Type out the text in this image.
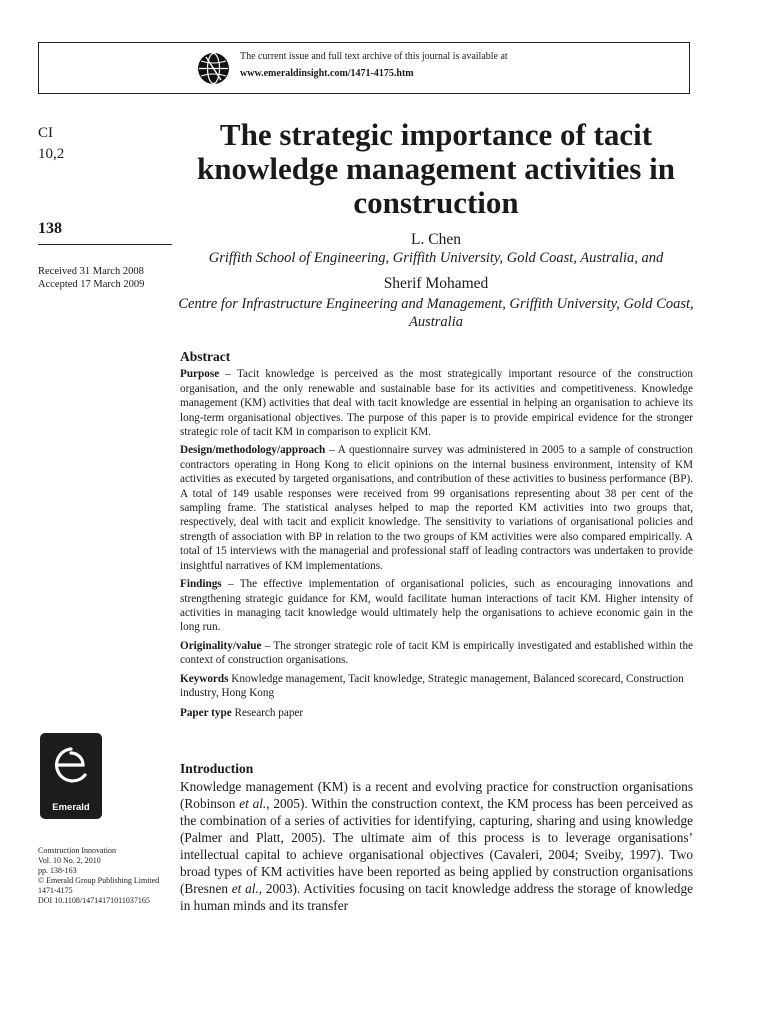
The current issue and full text archive of this journal is available at
www.emeraldinsight.com/1471-4175.htm
CI
10,2
138
Received 31 March 2008
Accepted 17 March 2009
The strategic importance of tacit knowledge management activities in construction
L. Chen
Griffith School of Engineering, Griffith University, Gold Coast, Australia, and
Sherif Mohamed
Centre for Infrastructure Engineering and Management, Griffith University, Gold Coast, Australia
Abstract

Purpose – Tacit knowledge is perceived as the most strategically important resource of the construction organisation, and the only renewable and sustainable base for its activities and competitiveness. Knowledge management (KM) activities that deal with tacit knowledge are essential in helping an organisation to achieve its long-term organisational objectives. The purpose of this paper is to provide empirical evidence for the stronger strategic role of tacit KM in comparison to explicit KM.

Design/methodology/approach – A questionnaire survey was administered in 2005 to a sample of construction contractors operating in Hong Kong to elicit opinions on the internal business environment, intensity of KM activities as executed by targeted organisations, and contribution of these activities to business performance (BP). A total of 149 usable responses were received from 99 organisations representing about 38 per cent of the sampling frame. The statistical analyses helped to map the reported KM activities into two groups that, respectively, deal with tacit and explicit knowledge. The sensitivity to variations of organisational policies and strength of association with BP in relation to the two groups of KM activities were also compared empirically. A total of 15 interviews with the managerial and professional staff of leading contractors was undertaken to provide insightful narratives of KM implementations.

Findings – The effective implementation of organisational policies, such as encouraging innovations and strengthening strategic guidance for KM, would facilitate human interactions of tacit KM. Higher intensity of activities in managing tacit knowledge would ultimately help the organisations to achieve economic gain in the long run.

Originality/value – The stronger strategic role of tacit KM is empirically investigated and established within the context of construction organisations.

Keywords Knowledge management, Tacit knowledge, Strategic management, Balanced scorecard, Construction industry, Hong Kong

Paper type Research paper

Emerald
Construction Innovation
Vol. 10 No. 2, 2010
pp. 138-163
© Emerald Group Publishing Limited
1471-4175
DOI 10.1108/14714171011037165
Introduction

Knowledge management (KM) is a recent and evolving practice for construction organisations (Robinson et al., 2005). Within the construction context, the KM process has been perceived as the combination of a series of activities for identifying, capturing, sharing and using knowledge (Palmer and Platt, 2005). The ultimate aim of this process is to leverage organisations’ intellectual capital to achieve organisational objectives (Cavaleri, 2004; Sveiby, 1997). Two broad types of KM activities have been reported as being applied by construction organisations (Bresnen et al., 2003). Activities focusing on tacit knowledge address the storage of knowledge in human minds and its transfer
